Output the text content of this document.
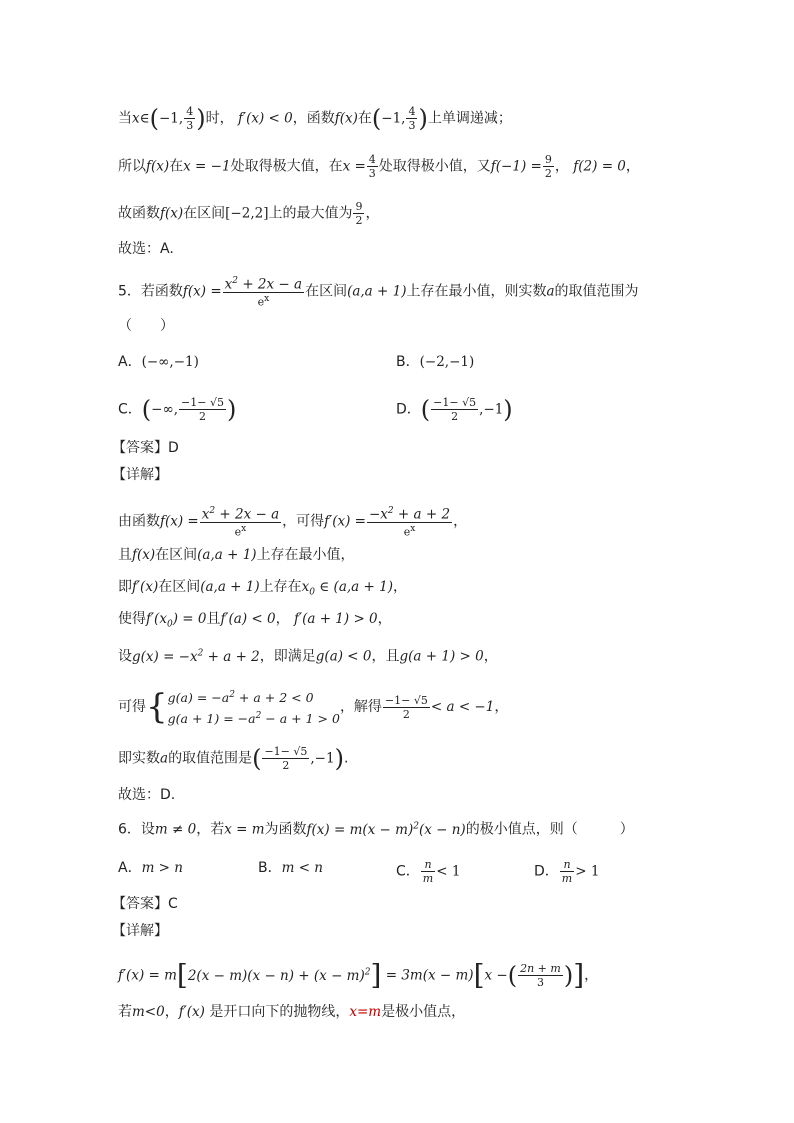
当x∈(−1, $\frac{4}{3}$ )时， f′(x) < 0，函数f(x)在(−1, $\frac{4}{3}$ )上单调递减；
所以f(x)在x = −1处取得极大值，在$x = \frac{4}{3}$ 处取得极小值，又$f(-1) = \frac{9}{2}$ ， f(2) = 0，
故函数f(x)在区间[−2,2]上的最大值为 $\frac{9}{2}$ ，
故选：A.
5．若函数$f(x) = \frac{x^2 + 2x - a}{e^x}$ 在区间(a,a + 1)上存在最小值，则实数a的取值范围为
（　　）
A．(−∞,−1)	B．(−2,−1)
C．(−∞, $\frac{-1- √5}{2}$ )	D．( $\frac{-1- √5}{2} ,-1$)
【答案】D
【详解】
由函数$f(x) = \frac{x^2 + 2x - a}{e^x}$ ，可得$f'(x) = \frac{-x^2 + a + 2}{e^x}$ ，
且f(x)在区间(a,a + 1)上存在最小值，
即f′(x)在区间(a,a + 1)上存在$x_0$ ∈ (a,a + 1)，
使得$f'(x_0) = 0$且f′(a) < 0， f′(a + 1) > 0，
设$g(x) = -x^2 + a + 2$，即满足g(a) < 0，且g(a + 1) > 0，
可得{$g(a) = -a^2 + a + 2 < 0$
$g(a + 1) = -a^2 - a + 1 > 0$，解得 $\frac{-1- √5}{2} < a < -1$，
即实数a的取值范围是( $\frac{-1- √5}{2} ,-1$).
故选：D.
6．设m ≠ 0，若x = m为函数$f(x) = m(x - m)^2(x - n)$的极小值点，则（　　　）
A．m > n	B．m < n	C． $\frac{n}{m} < 1$	D． $\frac{n}{m} > 1$
【答案】C
【详解】
$f'(x) = m[2(x - m)(x - n) + (x - m)^2] = 3m(x - m)[x$ −( $\frac{2n + m}{3}$ )]，
若m<0，f′(x) 是开口向下的抛物线，x=m是极小值点，
